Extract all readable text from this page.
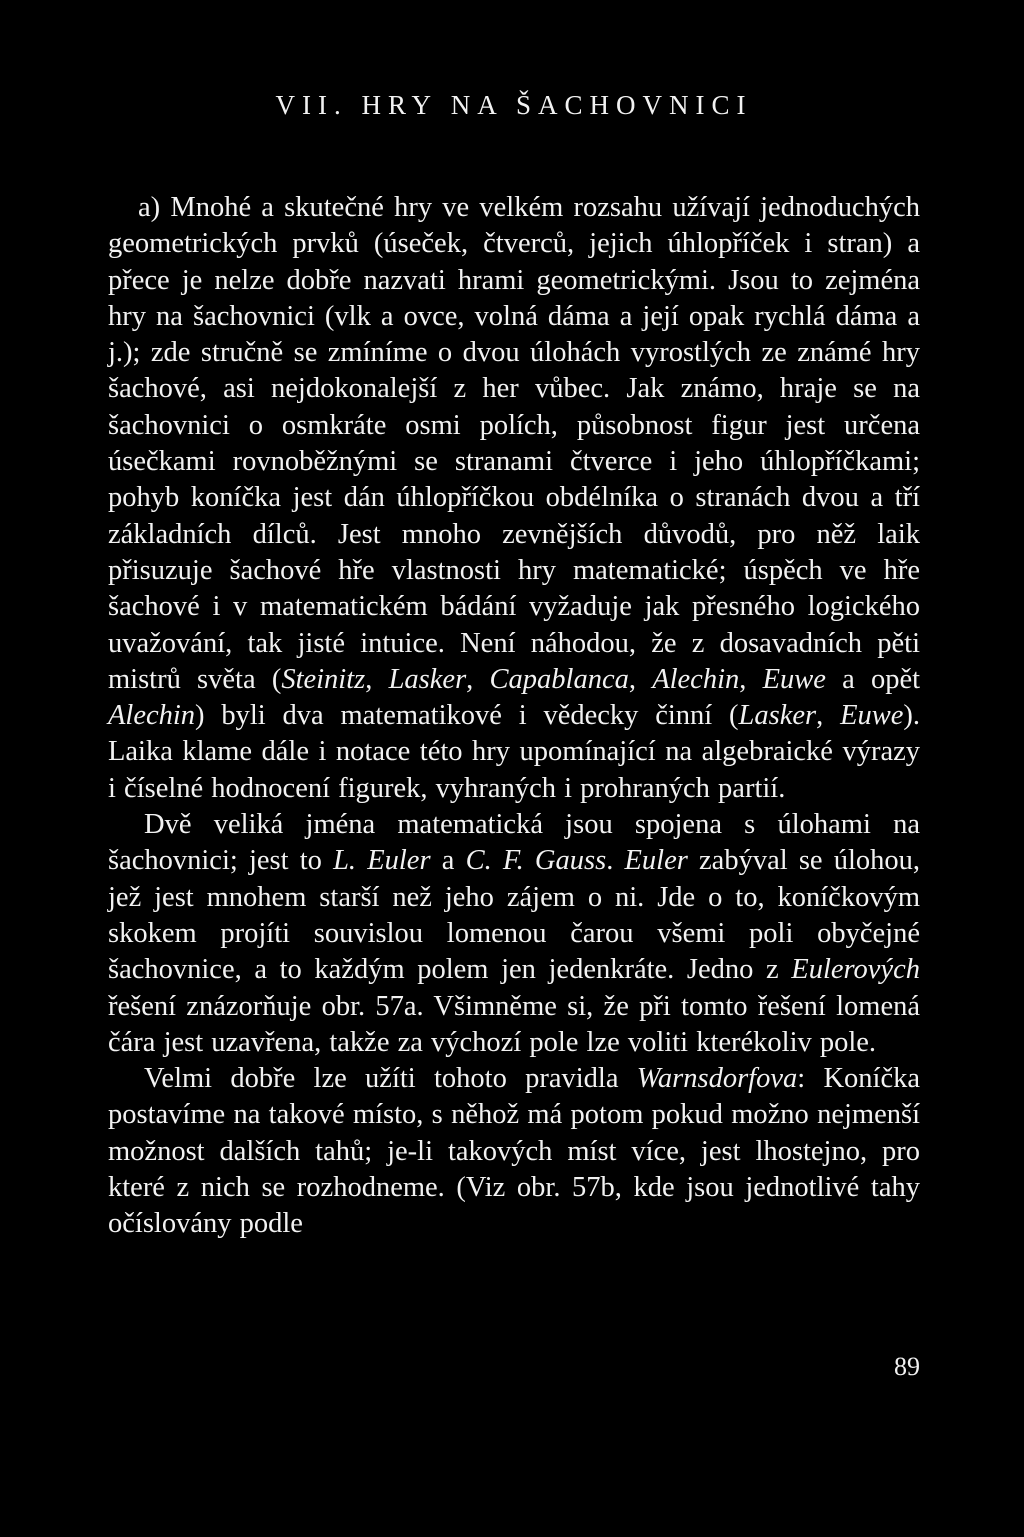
VII. HRY NA ŠACHOVNICI

a) Mnohé a skutečné hry ve velkém rozsahu užívají jednoduchých geometrických prvků (úseček, čtverců, jejich úhlopříček i stran) a přece je nelze dobře nazvati hrami geometrickými. Jsou to zejména hry na šachovnici (vlk a ovce, volná dáma a její opak rychlá dáma a j.); zde stručně se zmíníme o dvou úlohách vyrostlých ze známé hry šachové, asi nejdokonalejší z her vůbec. Jak známo, hraje se na šachovnici o osmkráte osmi polích, působnost figur jest určena úsečkami rovnoběžnými se stranami čtverce i jeho úhlopříčkami; pohyb koníčka jest dán úhlopříčkou obdélníka o stranách dvou a tří základních dílců. Jest mnoho zevnějších důvodů, pro něž laik přisuzuje šachové hře vlastnosti hry matematické; úspěch ve hře šachové i v matematickém bádání vyžaduje jak přesného logického uvažování, tak jisté intuice. Není náhodou, že z dosavadních pěti mistrů světa (Steinitz, Lasker, Capablanca, Alechin, Euwe a opět Alechin) byli dva matematikové i vědecky činní (Lasker, Euwe). Laika klame dále i notace této hry upomínající na algebraické výrazy i číselné hodnocení figurek, vyhraných i prohraných partií.

Dvě veliká jména matematická jsou spojena s úlohami na šachovnici; jest to L. Euler a C. F. Gauss. Euler zabýval se úlohou, jež jest mnohem starší než jeho zájem o ni. Jde o to, koníčkovým skokem projíti souvislou lomenou čarou všemi poli obyčejné šachovnice, a to každým polem jen jedenkráte. Jedno z Eulerových řešení znázorňuje obr. 57a. Všimněme si, že při tomto řešení lomená čára jest uzavřena, takže za výchozí pole lze voliti kterékoliv pole.

Velmi dobře lze užíti tohoto pravidla Warnsdorfova: Koníčka postavíme na takové místo, s něhož má potom pokud možno nejmenší možnost dalších tahů; je-li takových míst více, jest lhostejno, pro které z nich se rozhodneme. (Viz obr. 57b, kde jsou jednotlivé tahy očíslovány podle

89
